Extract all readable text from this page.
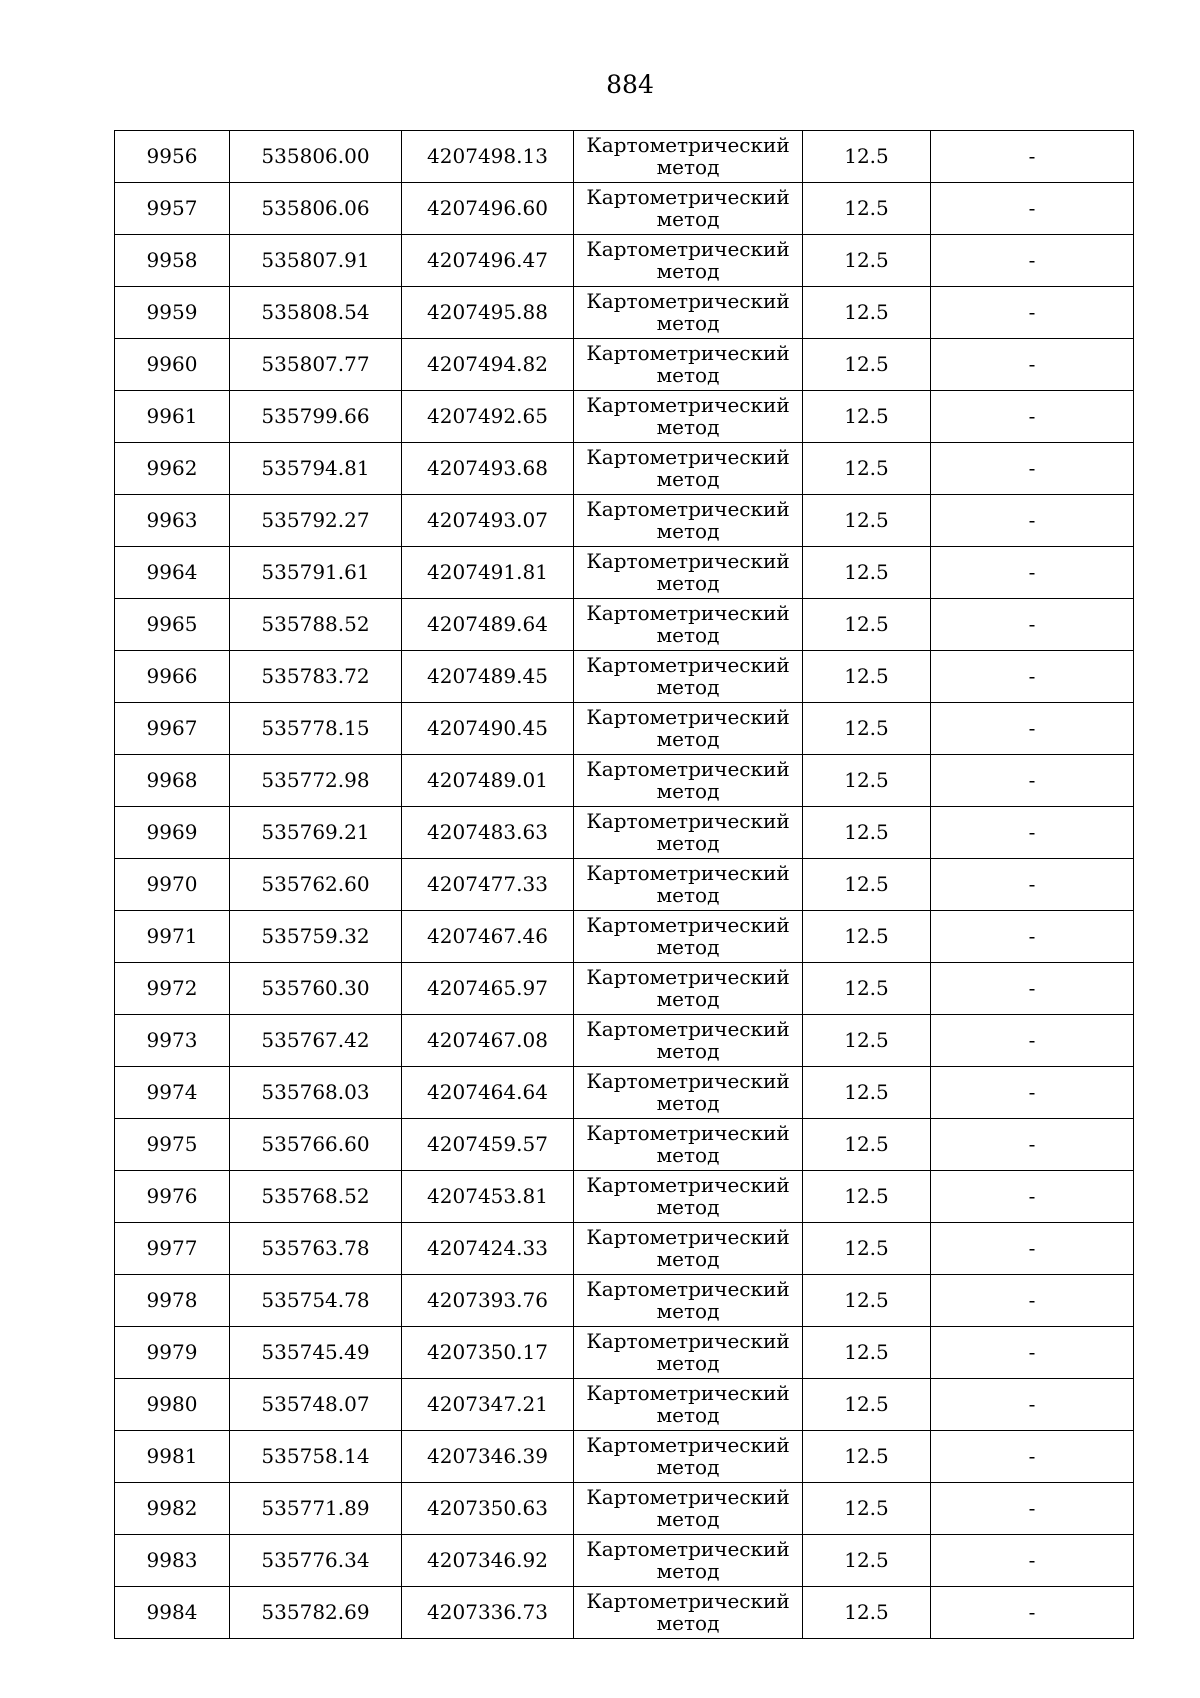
884
9956	535806.00	4207498.13	Картометрический метод	12.5	-
9957	535806.06	4207496.60	Картометрический метод	12.5	-
9958	535807.91	4207496.47	Картометрический метод	12.5	-
9959	535808.54	4207495.88	Картометрический метод	12.5	-
9960	535807.77	4207494.82	Картометрический метод	12.5	-
9961	535799.66	4207492.65	Картометрический метод	12.5	-
9962	535794.81	4207493.68	Картометрический метод	12.5	-
9963	535792.27	4207493.07	Картометрический метод	12.5	-
9964	535791.61	4207491.81	Картометрический метод	12.5	-
9965	535788.52	4207489.64	Картометрический метод	12.5	-
9966	535783.72	4207489.45	Картометрический метод	12.5	-
9967	535778.15	4207490.45	Картометрический метод	12.5	-
9968	535772.98	4207489.01	Картометрический метод	12.5	-
9969	535769.21	4207483.63	Картометрический метод	12.5	-
9970	535762.60	4207477.33	Картометрический метод	12.5	-
9971	535759.32	4207467.46	Картометрический метод	12.5	-
9972	535760.30	4207465.97	Картометрический метод	12.5	-
9973	535767.42	4207467.08	Картометрический метод	12.5	-
9974	535768.03	4207464.64	Картометрический метод	12.5	-
9975	535766.60	4207459.57	Картометрический метод	12.5	-
9976	535768.52	4207453.81	Картометрический метод	12.5	-
9977	535763.78	4207424.33	Картометрический метод	12.5	-
9978	535754.78	4207393.76	Картометрический метод	12.5	-
9979	535745.49	4207350.17	Картометрический метод	12.5	-
9980	535748.07	4207347.21	Картометрический метод	12.5	-
9981	535758.14	4207346.39	Картометрический метод	12.5	-
9982	535771.89	4207350.63	Картометрический метод	12.5	-
9983	535776.34	4207346.92	Картометрический метод	12.5	-
9984	535782.69	4207336.73	Картометрический метод	12.5	-
